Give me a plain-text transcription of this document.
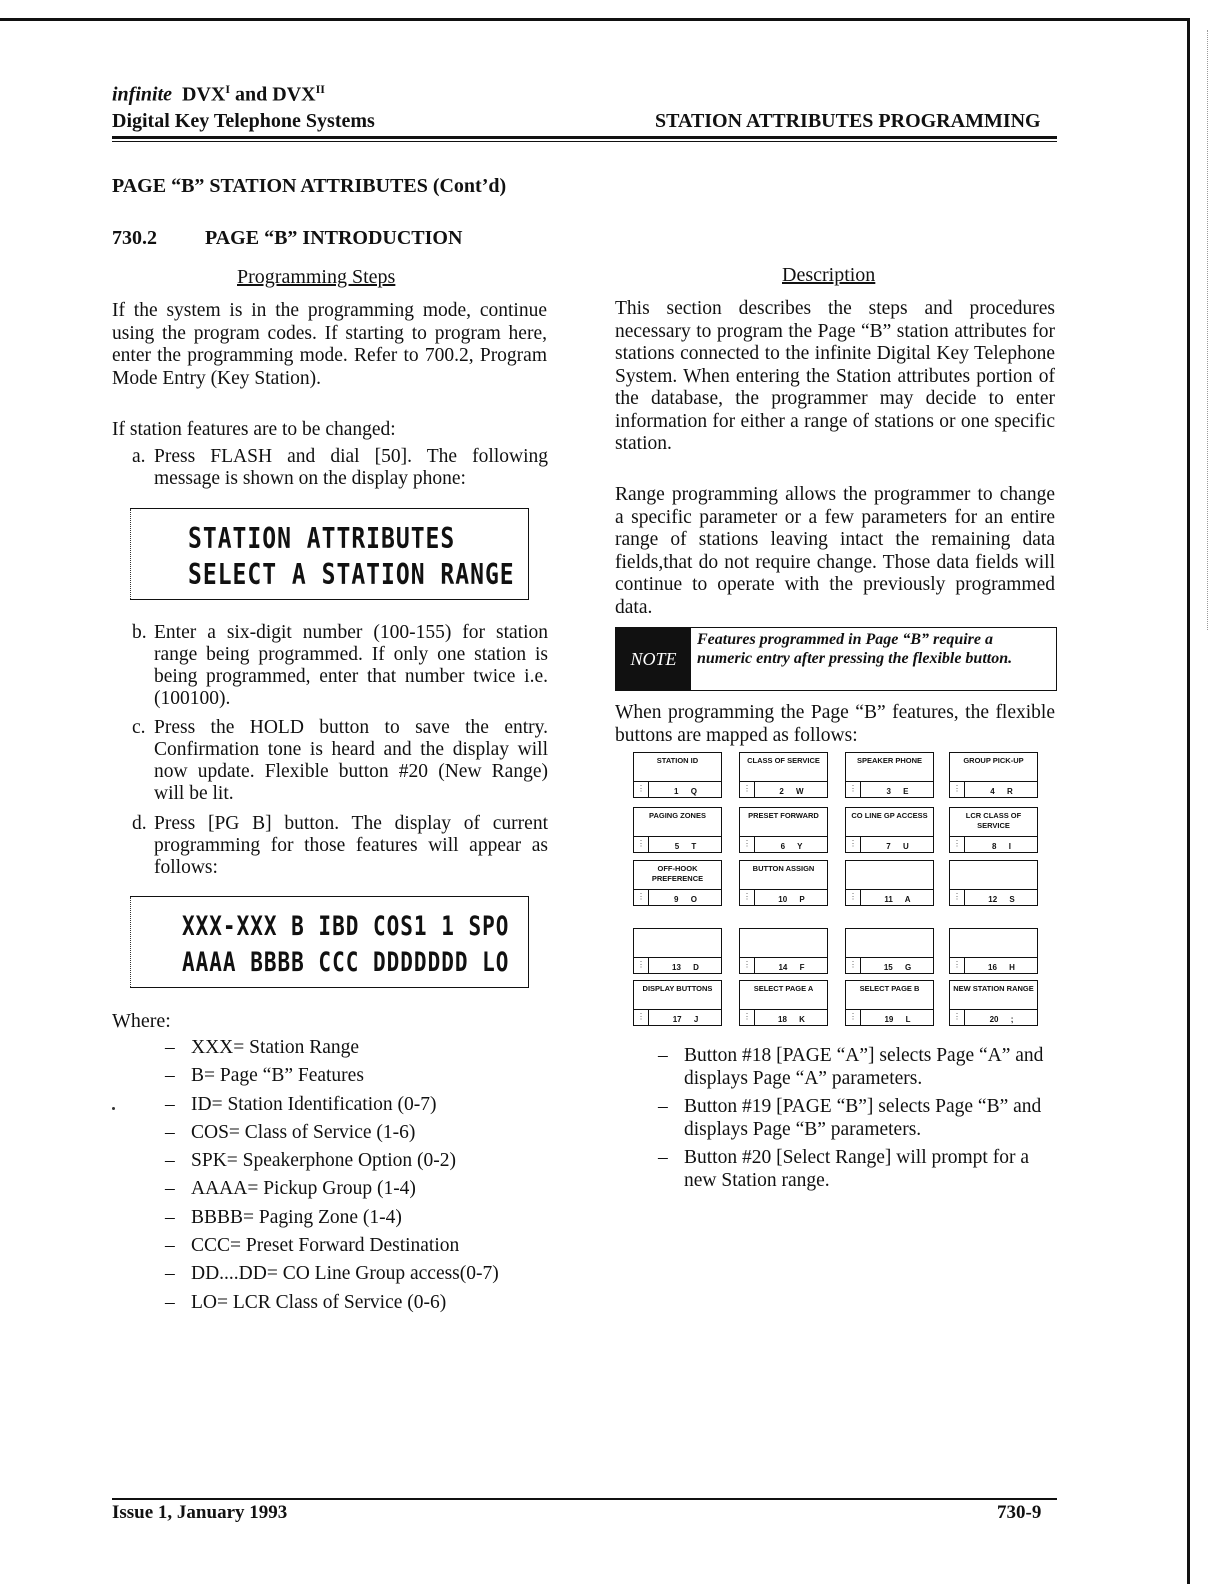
infinite $DVX^I$ and $DVX^{II}$
Digital Key Telephone Systems	STATION ATTRIBUTES PROGRAMMING
PAGE “B” STATION ATTRIBUTES (Cont’d)
730.2 PAGE “B” INTRODUCTION
Programming Steps
If the system is in the programming mode, continue using the program codes. If starting to program here, enter the programming mode. Refer to 700.2, Program Mode Entry (Key Station).
If station features are to be changed:
a. Press FLASH and dial [50]. The following message is shown on the display phone:
STATION ATTRIBUTES
SELECT A STATION RANGE
b. Enter a six-digit number (100-155) for station range being programmed. If only one station is being programmed, enter that number twice i.e. (100100).
c. Press the HOLD button to save the entry. Confirmation tone is heard and the display will now update. Flexible button #20 (New Range) will be lit.
d. Press [PG B] button. The display of current programming for those features will appear as follows:
XXX-XXX B IBD COS1 1 SPO
AAAA BBBB CCC DDDDDDD LO
Where:
– XXX= Station Range
– B= Page “B” Features
– ID= Station Identification (0-7)
– COS= Class of Service (1-6)
– SPK= Speakerphone Option (0-2)
– AAAA= Pickup Group (1-4)
– BBBB= Paging Zone (1-4)
– CCC= Preset Forward Destination
– DD....DD= CO Line Group access(0-7)
– LO= LCR Class of Service (0-6)
Description
This section describes the steps and procedures necessary to program the Page “B” station attributes for stations connected to the infinite Digital Key Telephone System. When entering the Station attributes portion of the database, the programmer may decide to enter information for either a range of stations or one specific station.
Range programming allows the programmer to change a specific parameter or a few parameters for an entire range of stations leaving intact the remaining data fields,that do not require change. Those data fields will continue to operate with the previously programmed data.
NOTE
Features programmed in Page “B” require a numeric entry after pressing the flexible button.
When programming the Page “B” features, the flexible buttons are mapped as follows:
STATION ID
⋮	1 Q
CLASS OF SERVICE
⋮	2 W
SPEAKER PHONE
⋮	3 E
GROUP PICK-UP
⋮	4 R
PAGING ZONES
⋮	5 T
PRESET FORWARD
⋮	6 Y
CO LINE GP ACCESS
⋮	7 U
LCR CLASS OF SERVICE
⋮	8 I
OFF-HOOK PREFERENCE
⋮	9 O
BUTTON ASSIGN
⋮	10 P	⋮	11 A	⋮	12 S
⋮	13 D	⋮	14 F	⋮	15 G	⋮	16 H
DISPLAY BUTTONS
⋮	17 J
SELECT PAGE A
⋮	18 K
SELECT PAGE B
⋮	19 L
NEW STATION RANGE
⋮	20 ;
– Button #18 [PAGE “A”] selects Page “A” and displays Page “A” parameters.
– Button #19 [PAGE “B”] selects Page “B” and displays Page “B” parameters.
– Button #20 [Select Range] will prompt for a new Station range.
Issue 1, January 1993	730-9
